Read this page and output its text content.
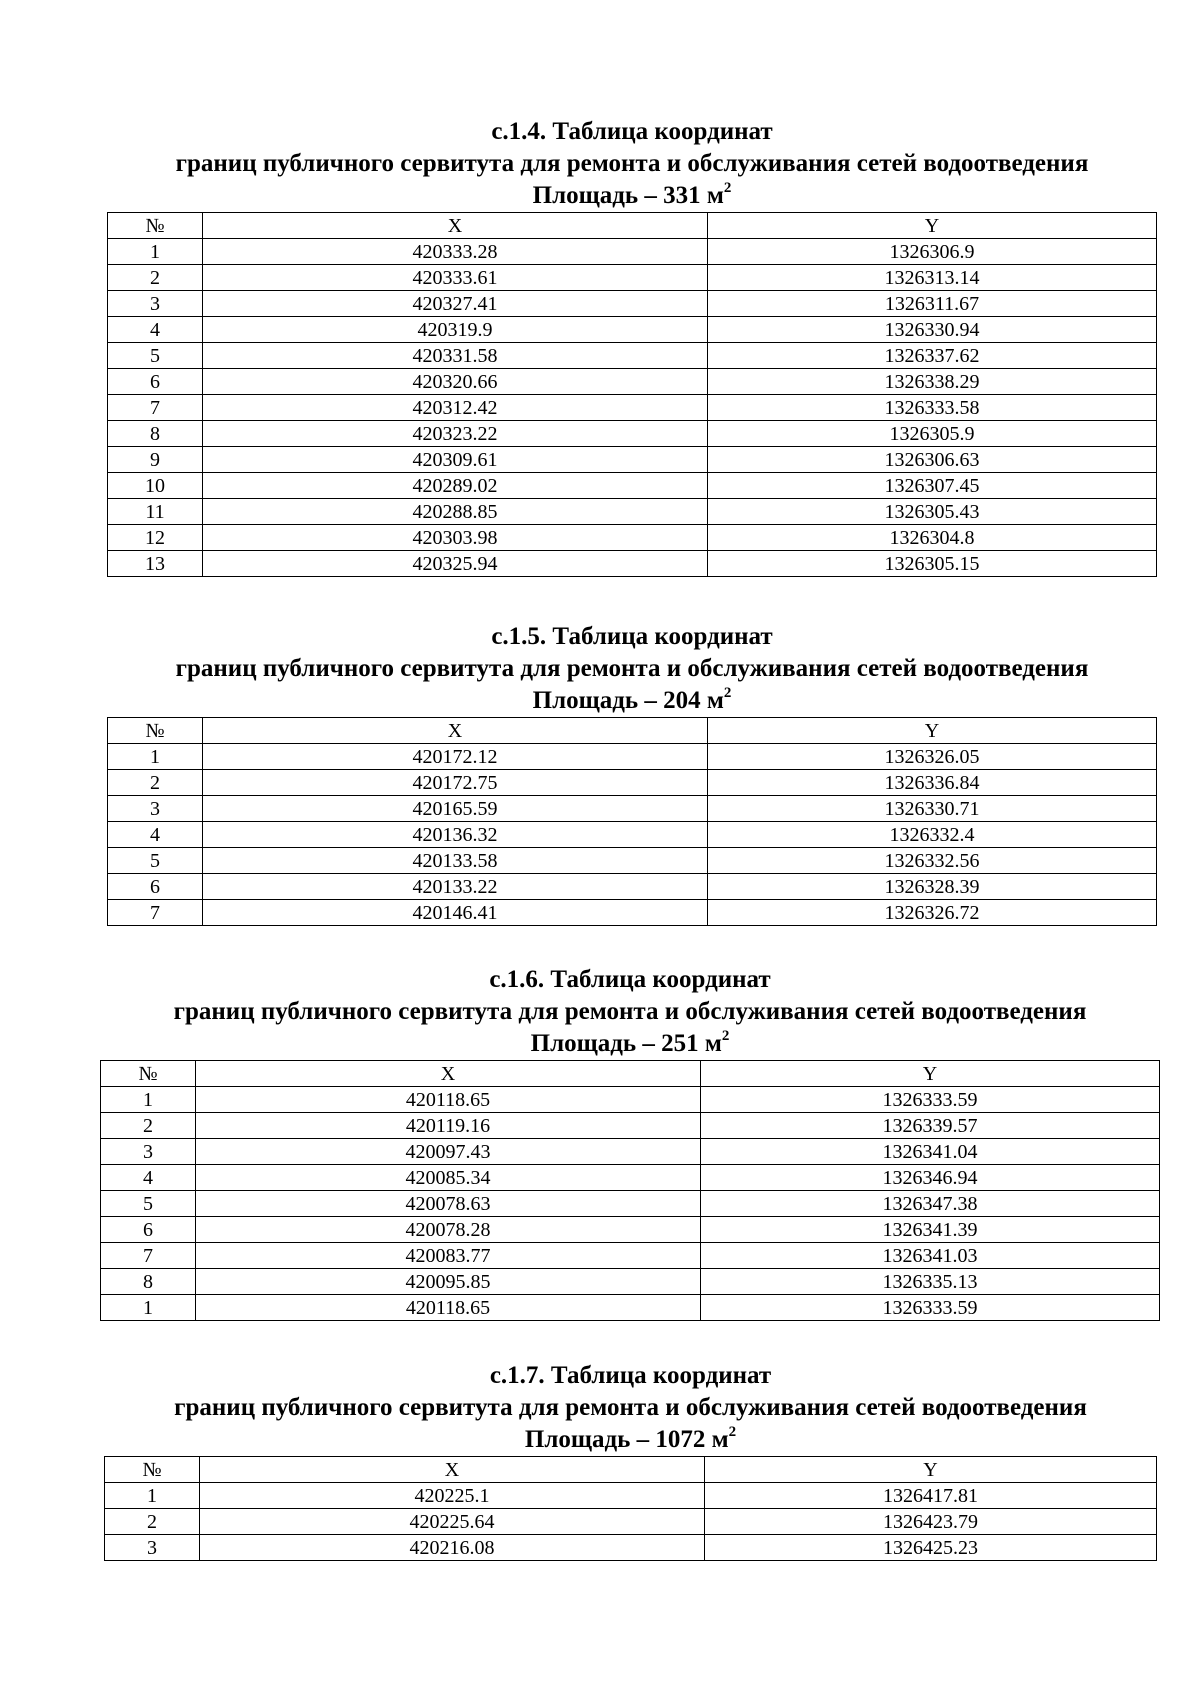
с.1.4. Таблица координат
границ публичного сервитута для ремонта и обслуживания сетей водоотведения
Площадь – 331 $м^2$
№	X	Y
1	420333.28	1326306.9
2	420333.61	1326313.14
3	420327.41	1326311.67
4	420319.9	1326330.94
5	420331.58	1326337.62
6	420320.66	1326338.29
7	420312.42	1326333.58
8	420323.22	1326305.9
9	420309.61	1326306.63
10	420289.02	1326307.45
11	420288.85	1326305.43
12	420303.98	1326304.8
13	420325.94	1326305.15
с.1.5. Таблица координат
границ публичного сервитута для ремонта и обслуживания сетей водоотведения
Площадь – 204 $м^2$
№	X	Y
1	420172.12	1326326.05
2	420172.75	1326336.84
3	420165.59	1326330.71
4	420136.32	1326332.4
5	420133.58	1326332.56
6	420133.22	1326328.39
7	420146.41	1326326.72
с.1.6. Таблица координат
границ публичного сервитута для ремонта и обслуживания сетей водоотведения
Площадь – 251 $м^2$
№	X	Y
1	420118.65	1326333.59
2	420119.16	1326339.57
3	420097.43	1326341.04
4	420085.34	1326346.94
5	420078.63	1326347.38
6	420078.28	1326341.39
7	420083.77	1326341.03
8	420095.85	1326335.13
1	420118.65	1326333.59
с.1.7. Таблица координат
границ публичного сервитута для ремонта и обслуживания сетей водоотведения
Площадь – 1072 $м^2$
№	X	Y
1	420225.1	1326417.81
2	420225.64	1326423.79
3	420216.08	1326425.23
